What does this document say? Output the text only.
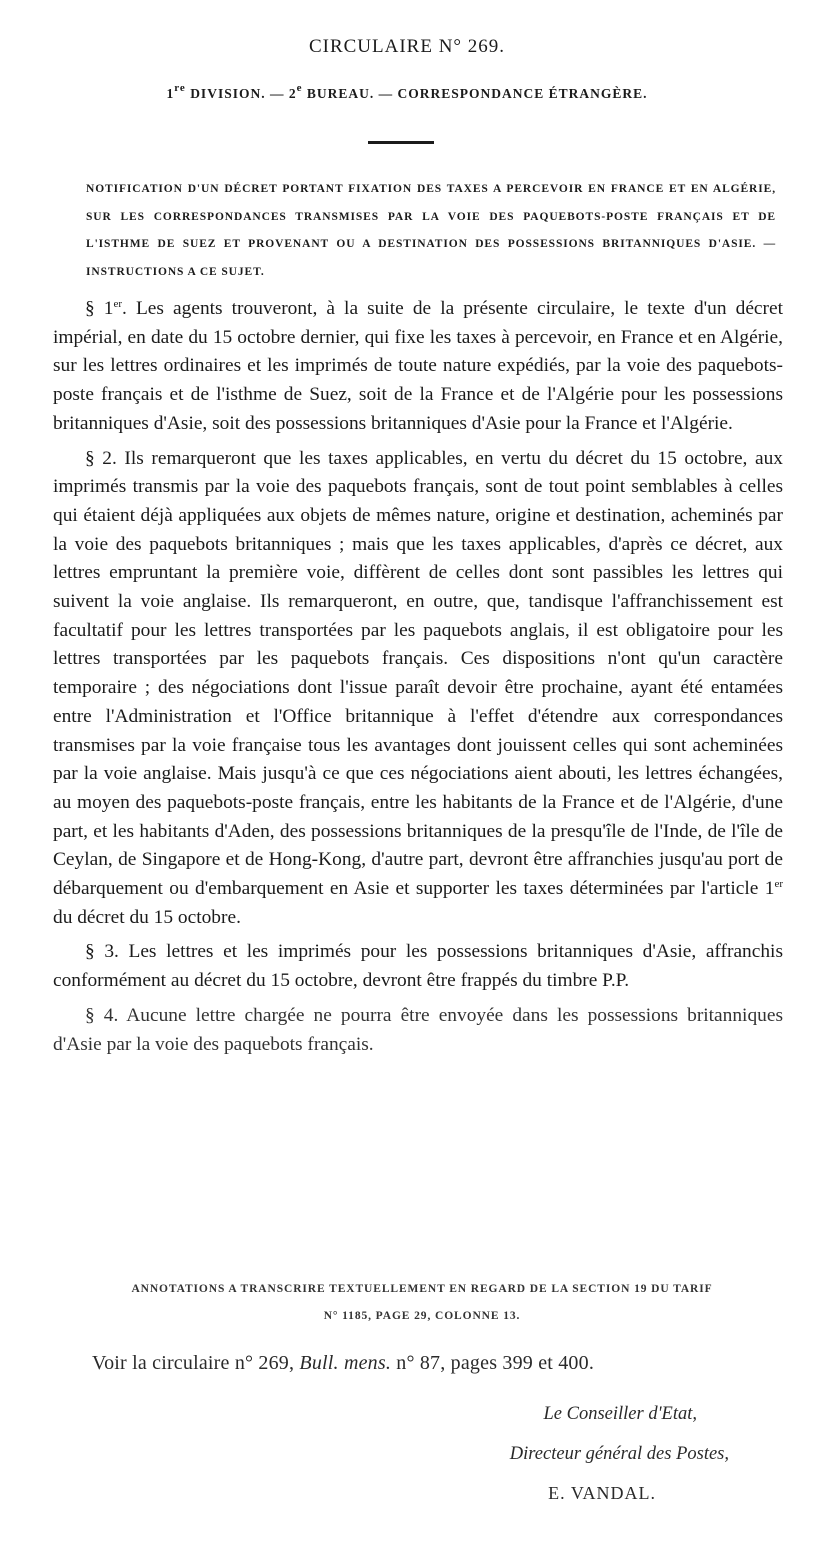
CIRCULAIRE N° 269.
1re DIVISION. — 2e BUREAU. — CORRESPONDANCE ÉTRANGÈRE.
NOTIFICATION D'UN DÉCRET PORTANT FIXATION DES TAXES A PERCEVOIR EN FRANCE ET EN ALGÉRIE, SUR LES CORRESPONDANCES TRANSMISES PAR LA VOIE DES PAQUEBOTS-POSTE FRANÇAIS ET DE L'ISTHME DE SUEZ ET PROVENANT OU A DESTINATION DES POSSESSIONS BRITANNIQUES D'ASIE. — INSTRUCTIONS A CE SUJET.

§ 1er. Les agents trouveront, à la suite de la présente circulaire, le texte d'un décret impérial, en date du 15 octobre dernier, qui fixe les taxes à percevoir, en France et en Algérie, sur les lettres ordinaires et les imprimés de toute nature expédiés, par la voie des paquebots-poste français et de l'isthme de Suez, soit de la France et de l'Algérie pour les possessions britanniques d'Asie, soit des possessions britanniques d'Asie pour la France et l'Algérie.

§ 2. Ils remarqueront que les taxes applicables, en vertu du décret du 15 octobre, aux imprimés transmis par la voie des paquebots français, sont de tout point semblables à celles qui étaient déjà appliquées aux objets de mêmes nature, origine et destination, acheminés par la voie des paquebots britanniques ; mais que les taxes applicables, d'après ce décret, aux lettres empruntant la première voie, diffèrent de celles dont sont passibles les lettres qui suivent la voie anglaise. Ils remarqueront, en outre, que, tandisque l'affranchissement est facultatif pour les lettres transportées par les paquebots anglais, il est obligatoire pour les lettres transportées par les paquebots français. Ces dispositions n'ont qu'un caractère temporaire ; des négociations dont l'issue paraît devoir être prochaine, ayant été entamées entre l'Administration et l'Office britannique à l'effet d'étendre aux correspondances transmises par la voie française tous les avantages dont jouissent celles qui sont acheminées par la voie anglaise. Mais jusqu'à ce que ces négociations aient abouti, les lettres échangées, au moyen des paquebots-poste français, entre les habitants de la France et de l'Algérie, d'une part, et les habitants d'Aden, des possessions britanniques de la presqu'île de l'Inde, de l'île de Ceylan, de Singapore et de Hong-Kong, d'autre part, devront être affranchies jusqu'au port de débarquement ou d'embarquement en Asie et supporter les taxes déterminées par l'article 1er du décret du 15 octobre.

§ 3. Les lettres et les imprimés pour les possessions britanniques d'Asie, affranchis conformément au décret du 15 octobre, devront être frappés du timbre P.P.

§ 4. Aucune lettre chargée ne pourra être envoyée dans les possessions britanniques d'Asie par la voie des paquebots français.

ANNOTATIONS A TRANSCRIRE TEXTUELLEMENT EN REGARD DE LA SECTION 19 DU TARIF
N° 1185, PAGE 29, COLONNE 13.
Voir la circulaire n° 269, Bull. mens. n° 87, pages 399 et 400.
Le Conseiller d'Etat,
Directeur général des Postes,
E. VANDAL.
